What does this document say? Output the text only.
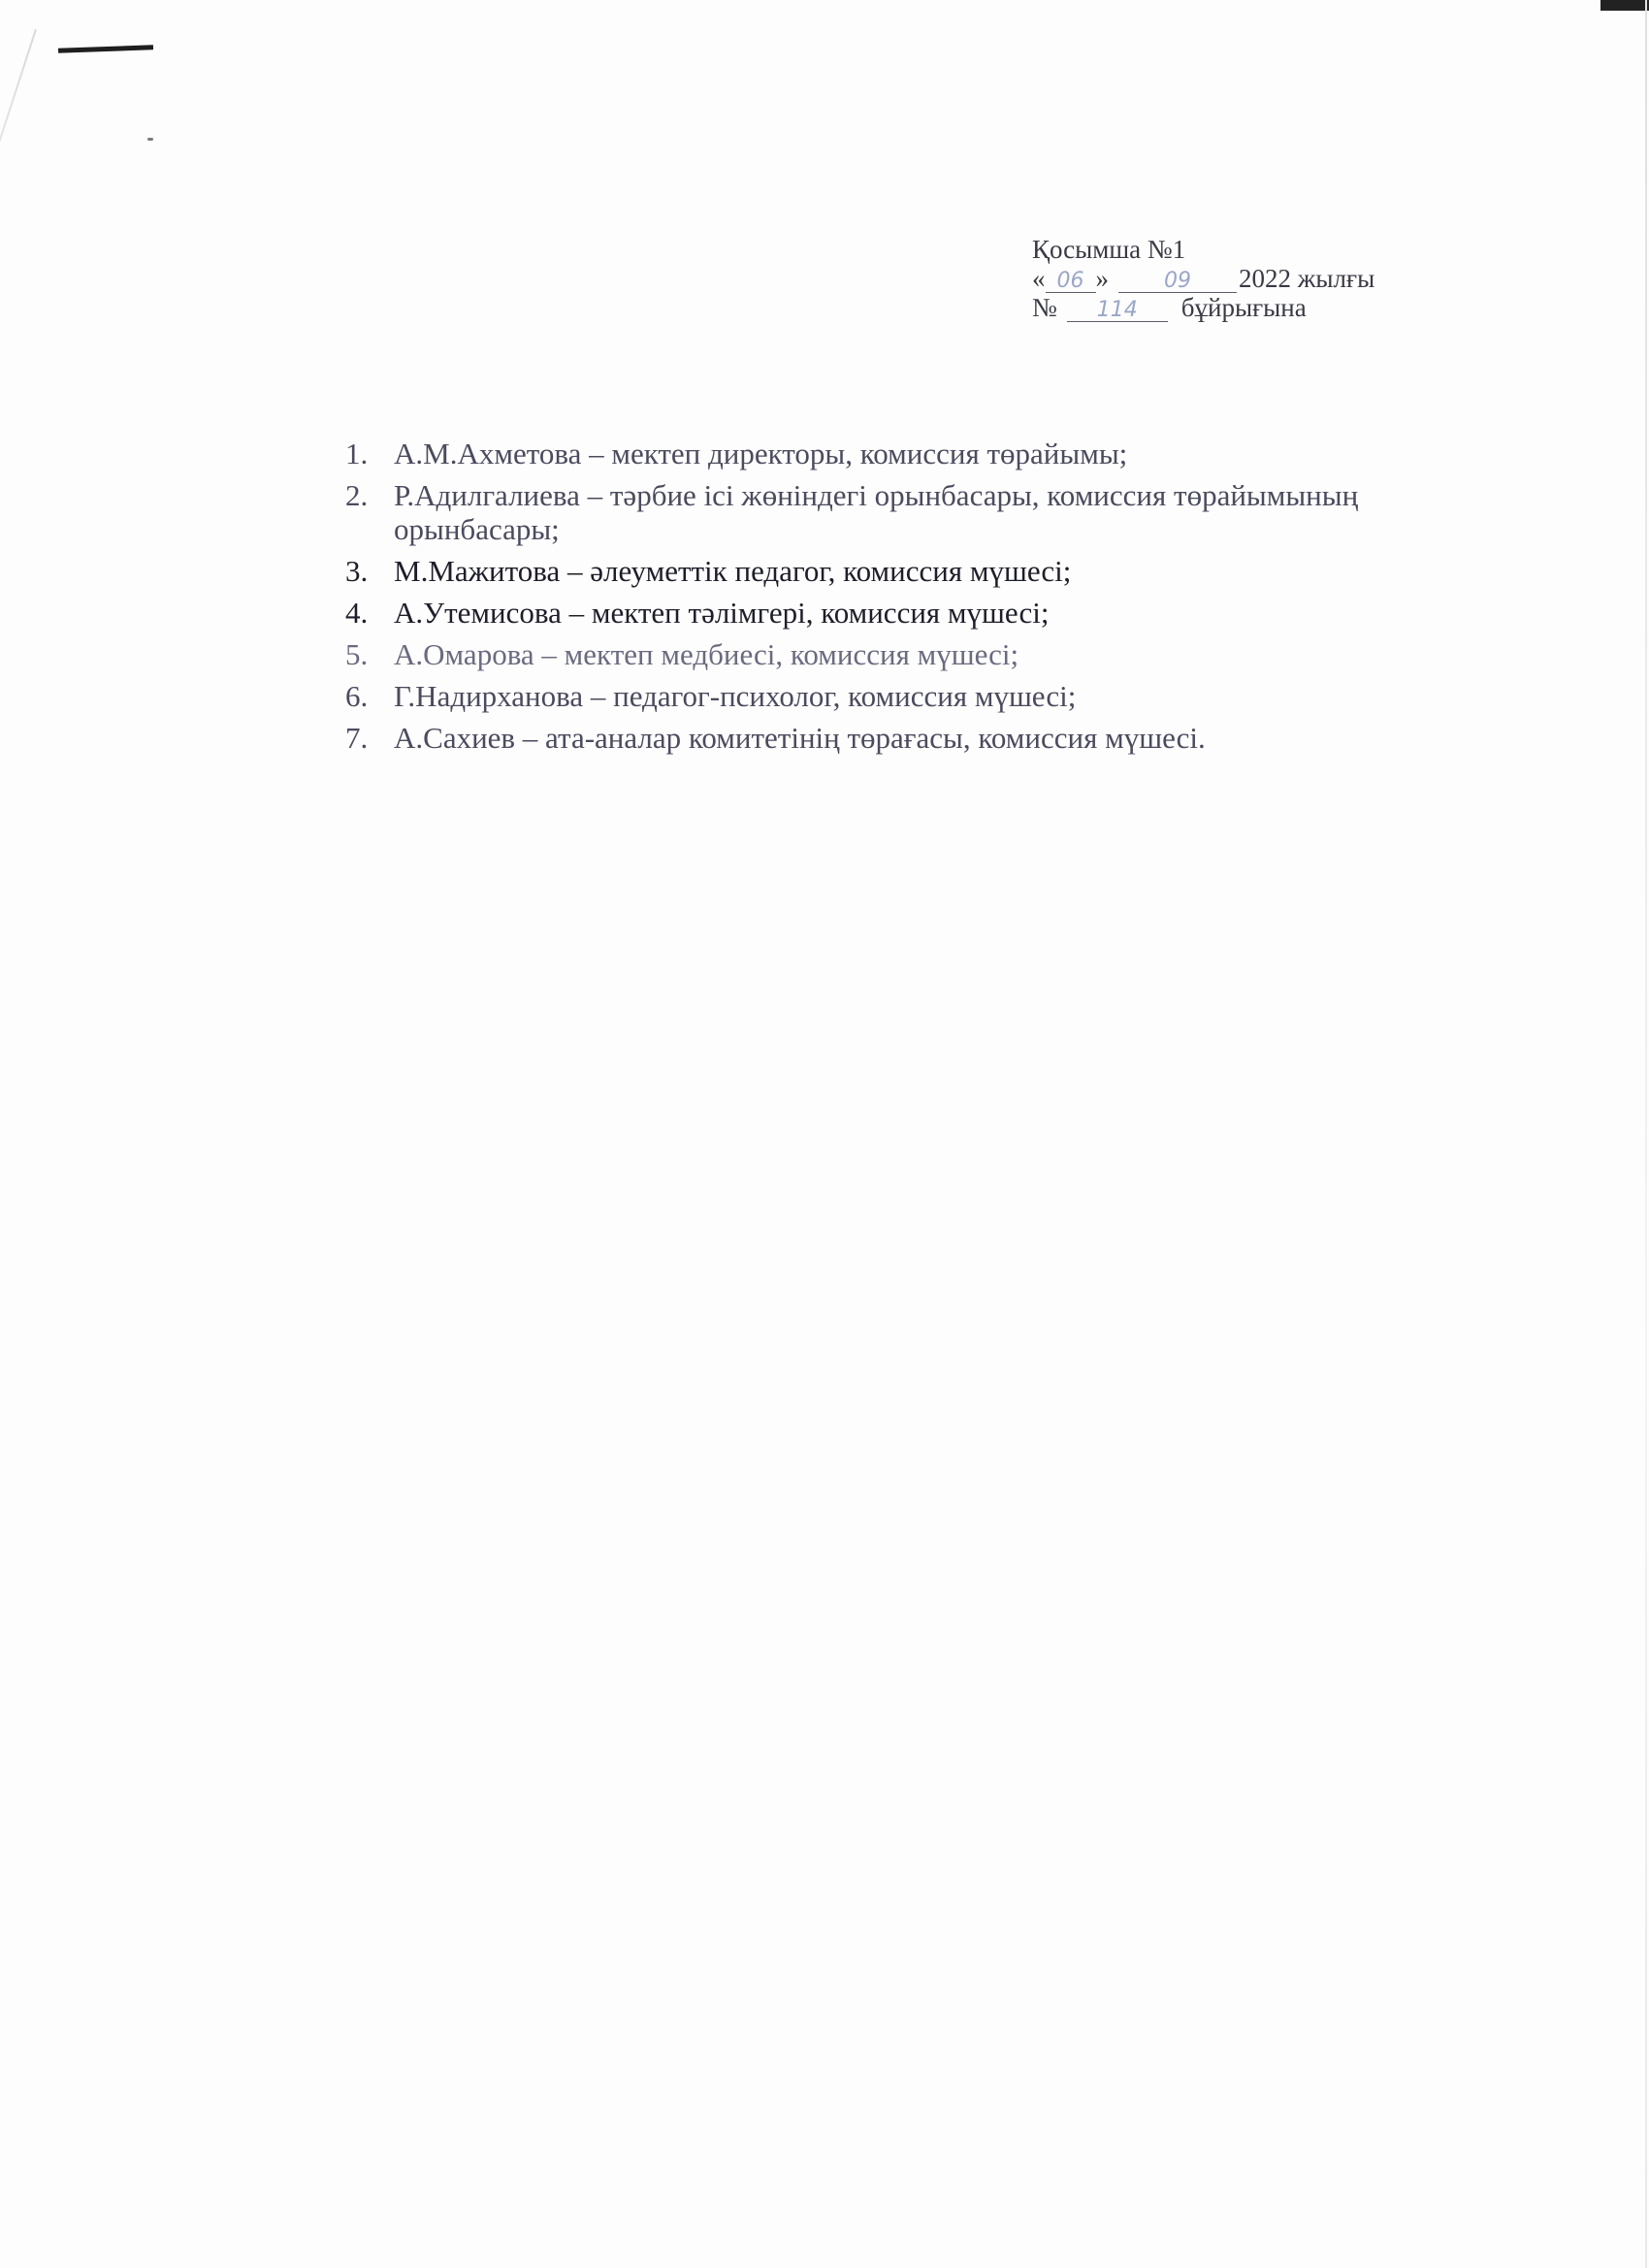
Қосымша №1
« 06 »	09 2022 жылғы
№ 114 бұйрығына
1. А.М.Ахметова – мектеп директоры, комиссия төрайымы;
2. Р.Адилгалиева – тәрбие ісі жөніндегі орынбасары, комиссия төрайымының орынбасары;
3. М.Мажитова – әлеуметтік педагог, комиссия мүшесі;
4. А.Утемисова – мектеп тәлімгері, комиссия мүшесі;
5. А.Омарова – мектеп медбиесі, комиссия мүшесі;
6. Г.Надирханова – педагог-психолог, комиссия мүшесі;
7. А.Сахиев – ата-аналар комитетінің төрағасы, комиссия мүшесі.
